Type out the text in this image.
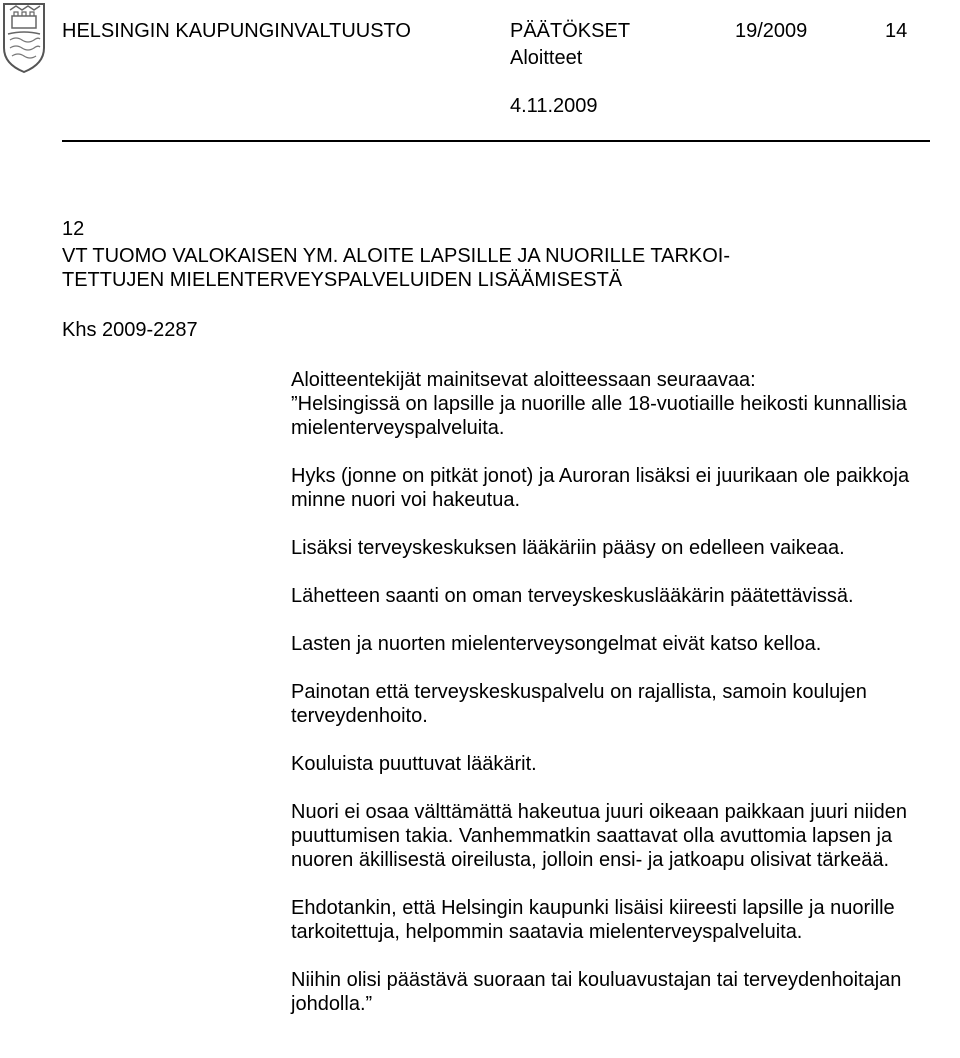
HELSINGIN KAUPUNGINVALTUUSTO	PÄÄTÖKSET	19/2009	14
Aloitteet
4.11.2009
12
VT TUOMO VALOKAISEN YM. ALOITE LAPSILLE JA NUORILLE TARKOI-
TETTUJEN MIELENTERVEYSPALVELUIDEN LISÄÄMISESTÄ
Khs 2009-2287

Aloitteentekijät mainitsevat aloitteessaan seuraavaa:

”Helsingissä on lapsille ja nuorille alle 18-vuotiaille heikosti kunnallisia
mielenterveyspalveluita.

Hyks (jonne on pitkät jonot) ja Auroran lisäksi ei juurikaan ole paikkoja
minne nuori voi hakeutua.

Lisäksi terveyskeskuksen lääkäriin pääsy on edelleen vaikeaa.

Lähetteen saanti on oman terveyskeskuslääkärin päätettävissä.

Lasten ja nuorten mielenterveysongelmat eivät katso kelloa.

Painotan että terveyskeskuspalvelu on rajallista, samoin koulujen
terveydenhoito.

Kouluista puuttuvat lääkärit.

Nuori ei osaa välttämättä hakeutua juuri oikeaan paikkaan juuri niiden
puuttumisen takia. Vanhemmatkin saattavat olla avuttomia lapsen ja
nuoren äkillisestä oireilusta, jolloin ensi- ja jatkoapu olisivat tärkeää.

Ehdotankin, että Helsingin kaupunki lisäisi kiireesti lapsille ja nuorille
tarkoitettuja, helpommin saatavia mielenterveyspalveluita.

Niihin olisi päästävä suoraan tai kouluavustajan tai terveydenhoitajan
johdolla.”
